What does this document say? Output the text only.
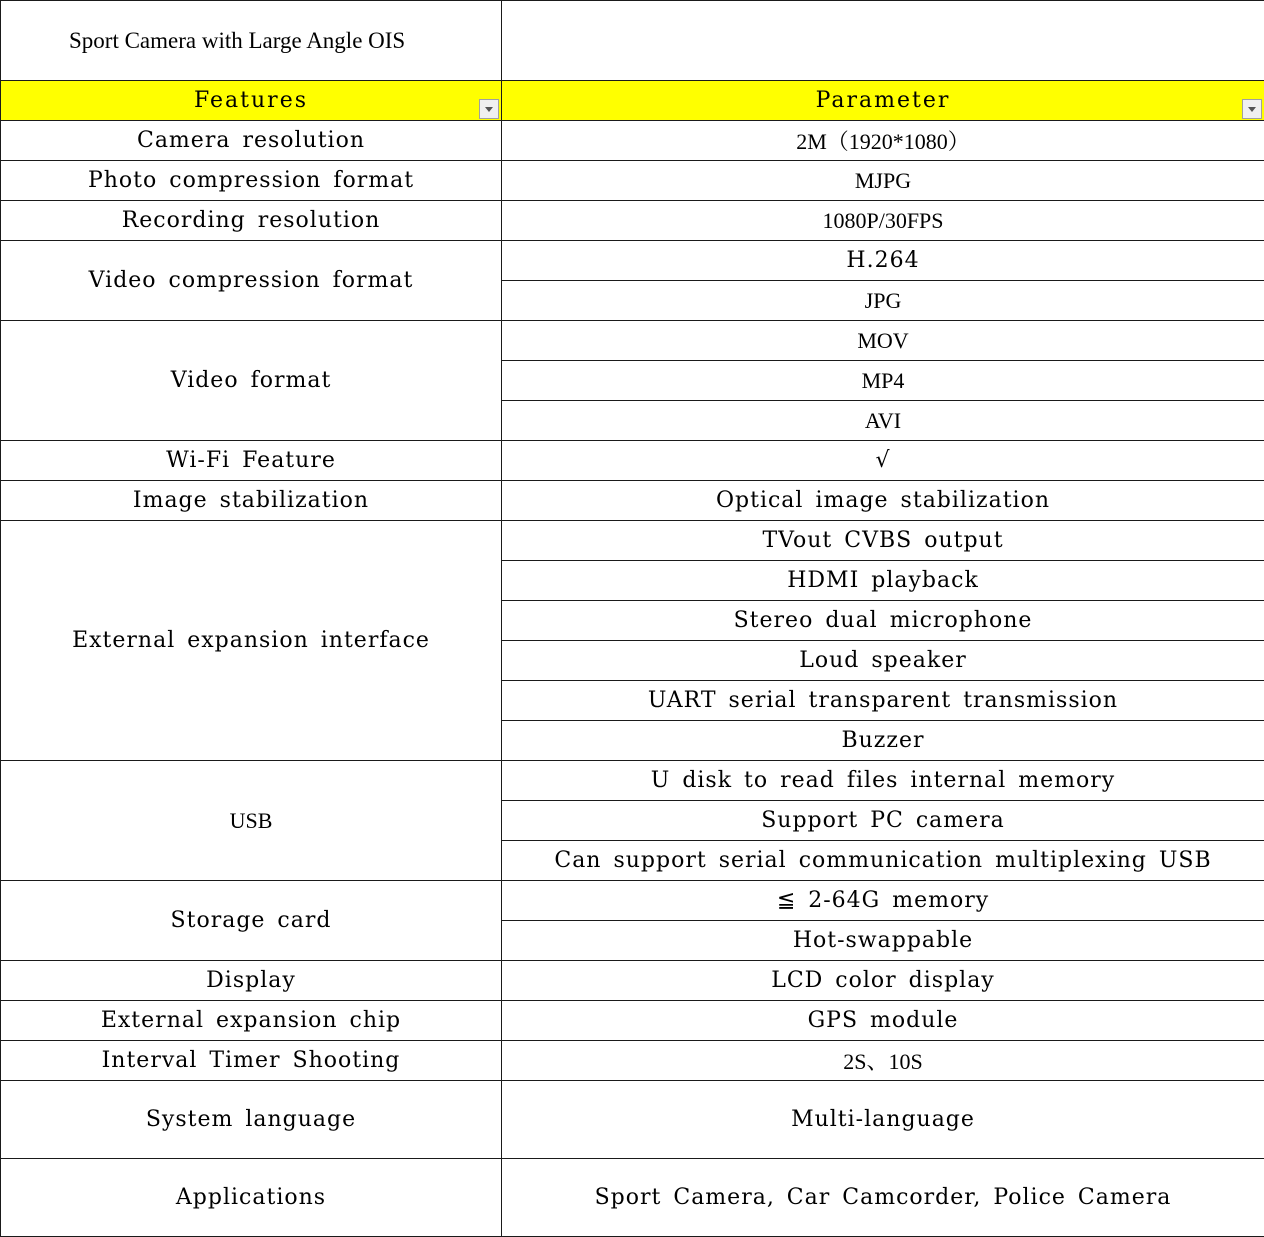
Sport Camera with Large Angle OIS	
Features	Parameter

Camera resolution	2M（1920*1080）
Photo compression format	MJPG
Recording resolution	1080P/30FPS
Video compression format	H.264
	JPG
Video format	MOV
	MP4
	AVI
Wi-Fi Feature	√
Image stabilization	Optical image stabilization
External expansion interface	TVout CVBS output
	HDMI playback
	Stereo dual microphone
	Loud speaker
	UART serial transparent transmission
	Buzzer
USB	U disk to read files internal memory
	Support PC camera
	Can support serial communication multiplexing USB
Storage card	≦ 2-64G memory
	Hot-swappable
Display	LCD color display
External expansion chip	GPS module
Interval Timer Shooting	2S、10S
System language	Multi-language
Applications	Sport Camera, Car Camcorder, Police Camera
